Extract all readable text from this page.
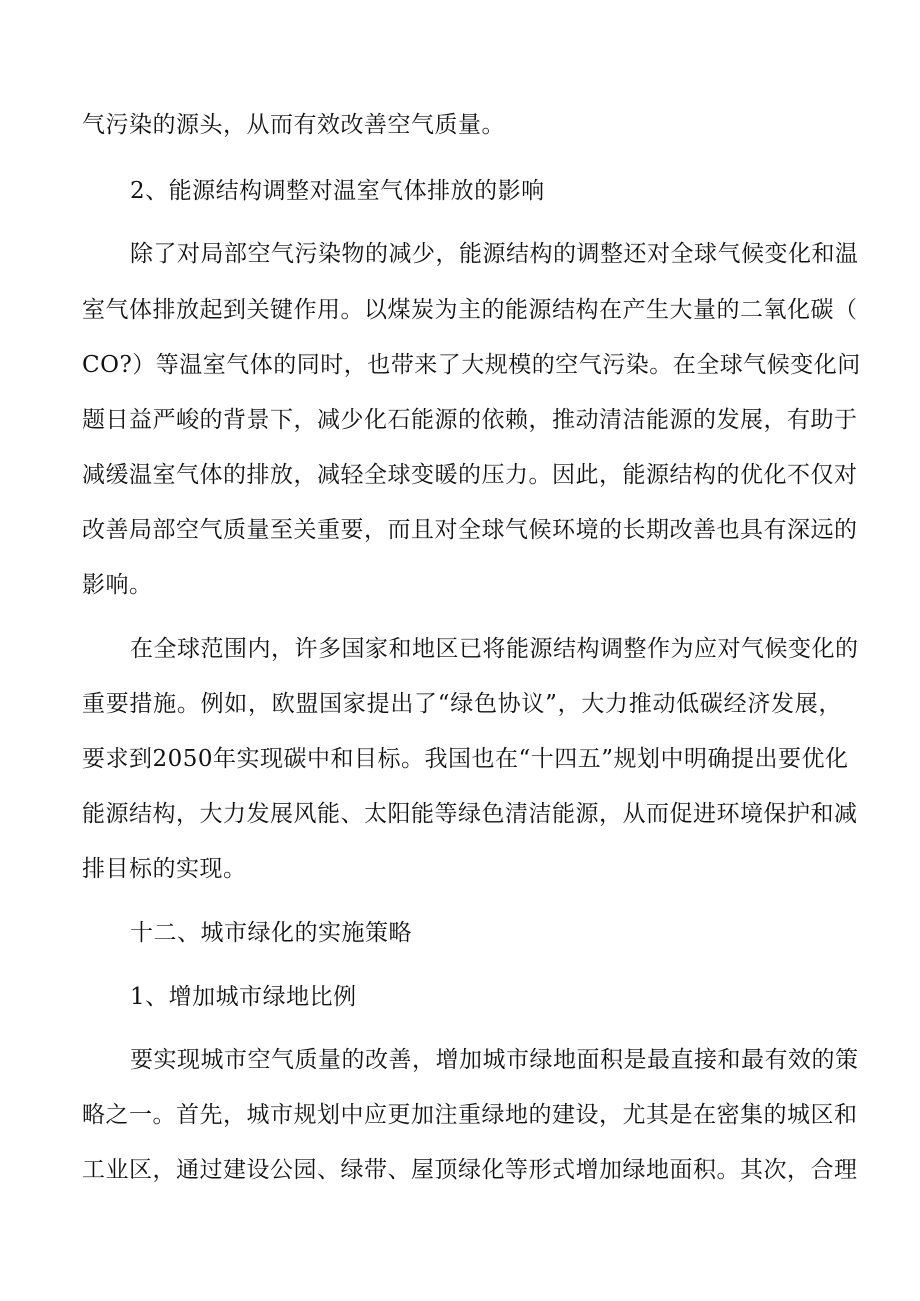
气污染的源头，从而有效改善空气质量。
2、能源结构调整对温室气体排放的影响
除了对局部空气污染物的减少，能源结构的调整还对全球气候变化和温
室气体排放起到关键作用。以煤炭为主的能源结构在产生大量的二氧化碳（
CO?）等温室气体的同时，也带来了大规模的空气污染。在全球气候变化问
题日益严峻的背景下，减少化石能源的依赖，推动清洁能源的发展，有助于
减缓温室气体的排放，减轻全球变暖的压力。因此，能源结构的优化不仅对
改善局部空气质量至关重要，而且对全球气候环境的长期改善也具有深远的
影响。
在全球范围内，许多国家和地区已将能源结构调整作为应对气候变化的
重要措施。例如，欧盟国家提出了“绿色协议”，大力推动低碳经济发展，
要求到2050年实现碳中和目标。我国也在“十四五”规划中明确提出要优化
能源结构，大力发展风能、太阳能等绿色清洁能源，从而促进环境保护和减
排目标的实现。
十二、城市绿化的实施策略
1、增加城市绿地比例
要实现城市空气质量的改善，增加城市绿地面积是最直接和最有效的策
略之一。首先，城市规划中应更加注重绿地的建设，尤其是在密集的城区和
工业区，通过建设公园、绿带、屋顶绿化等形式增加绿地面积。其次，合理
